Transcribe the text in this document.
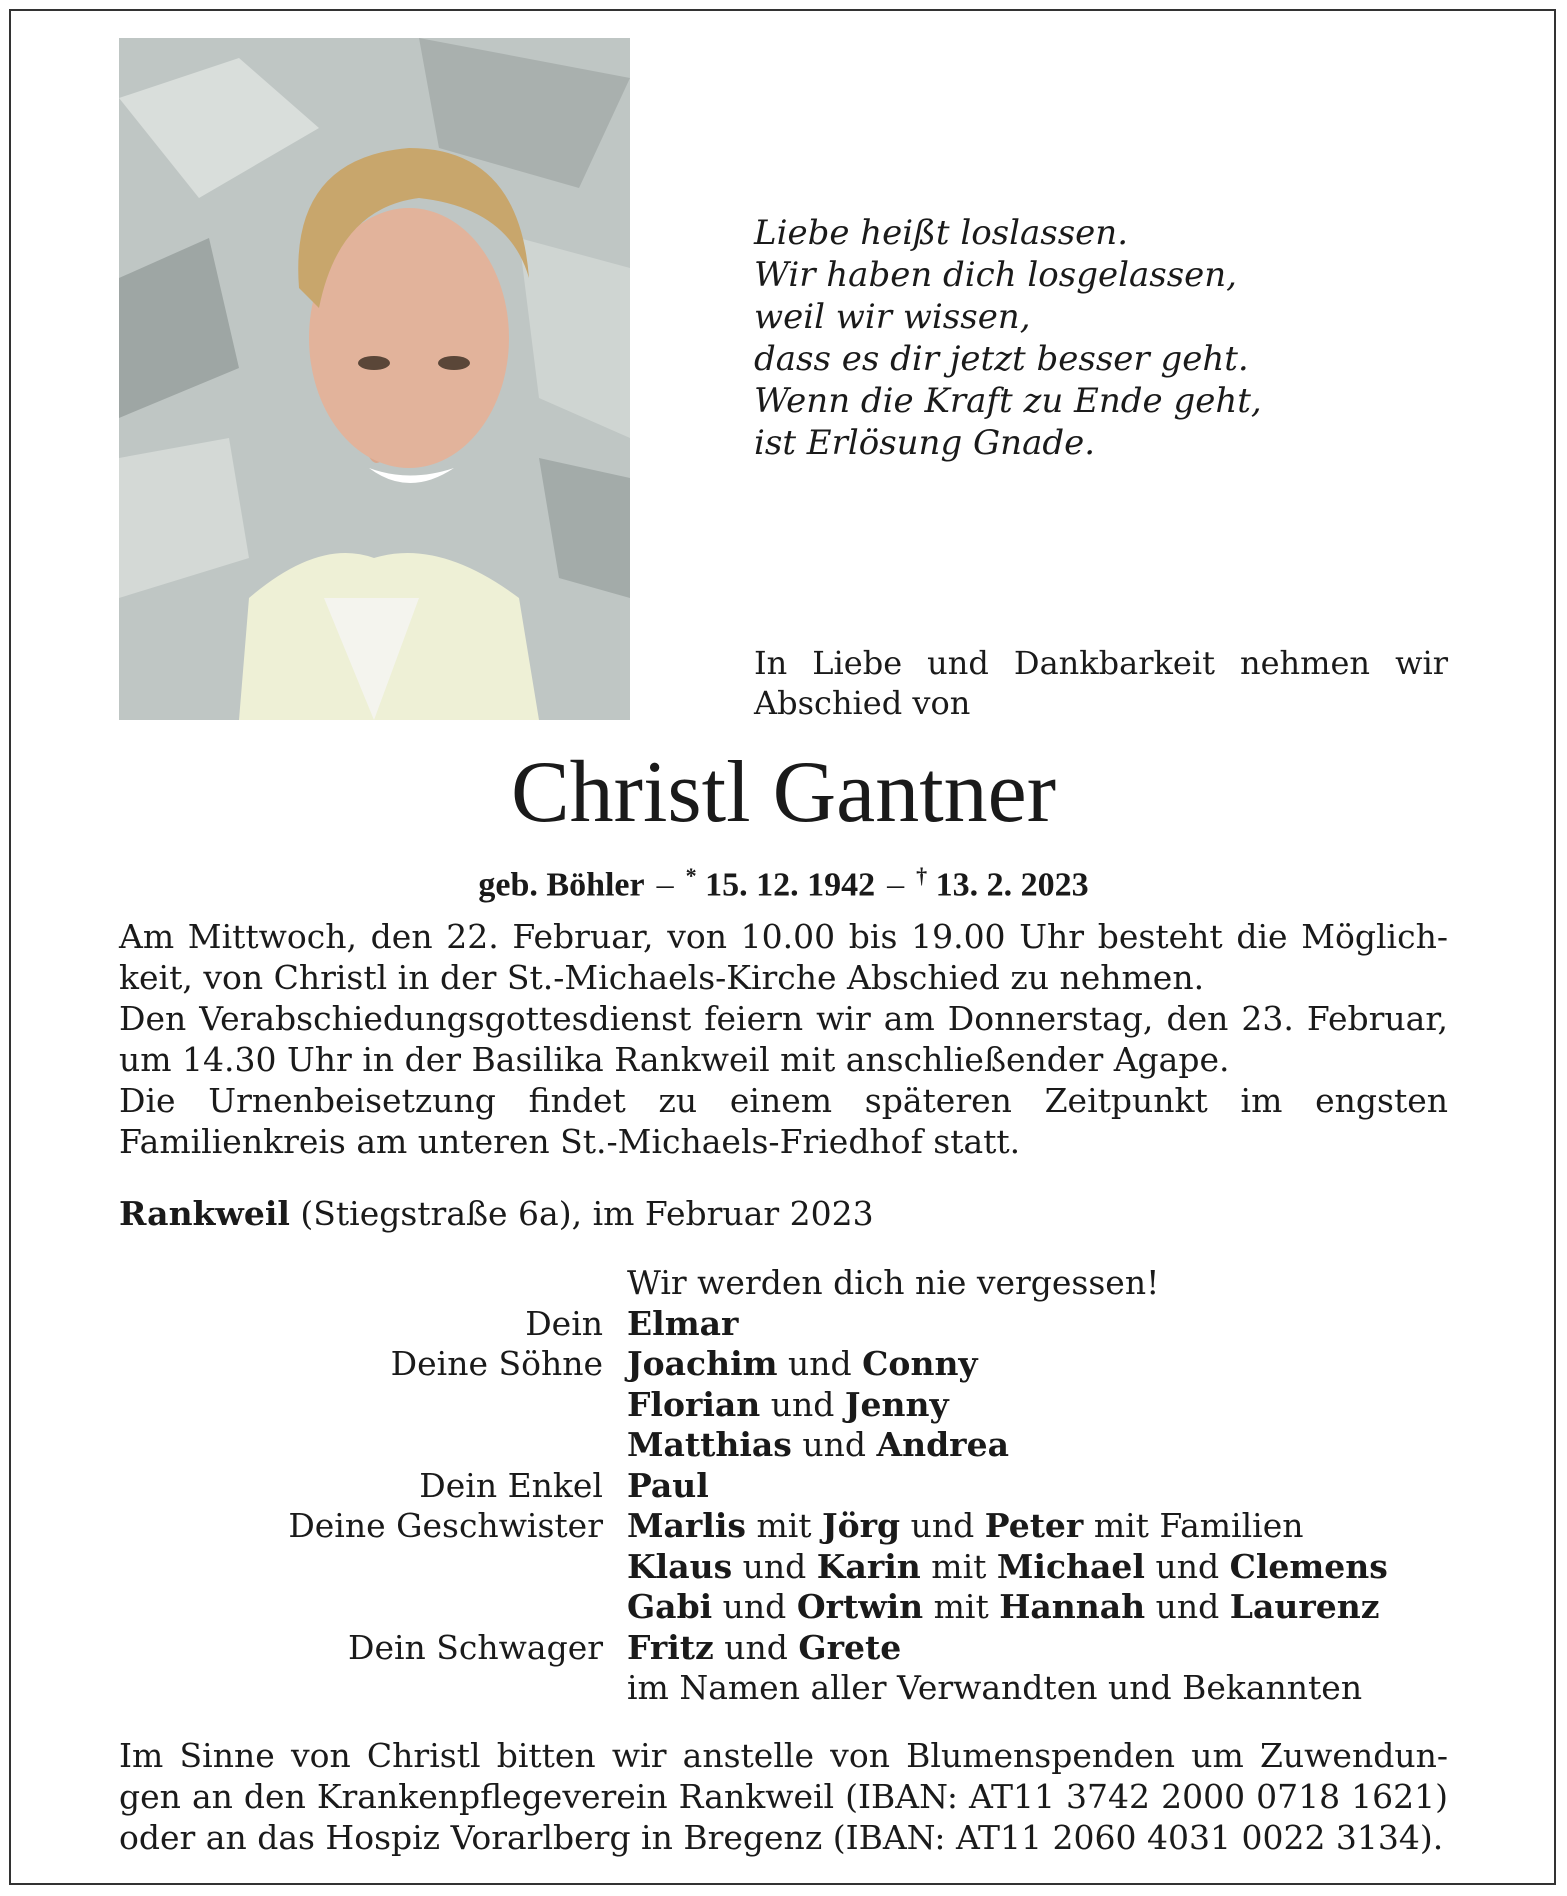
Liebe heißt loslassen.
Wir haben dich losgelassen,
weil wir wissen,
dass es dir jetzt besser geht.
Wenn die Kraft zu Ende geht,
ist Erlösung Gnade.
In Liebe und Dankbarkeit nehmen wir Abschied von
Christl Gantner
geb. Böhler – * 15. 12. 1942 – † 13. 2. 2023

Am Mittwoch, den 22. Februar, von 10.00 bis 19.00 Uhr besteht die Möglich-

keit, von Christl in der St.-Michaels-Kirche Abschied zu nehmen.

Den Verabschiedungsgottesdienst feiern wir am Donnerstag, den 23. Februar,

um 14.30 Uhr in der Basilika Rankweil mit anschließender Agape.

Die Urnenbeisetzung findet zu einem späteren Zeitpunkt im engsten

Familienkreis am unteren St.-Michaels-Friedhof statt.

Rankweil (Stiegstraße 6a), im Februar 2023
Wir werden dich nie vergessen!
Dein Elmar
Deine Söhne Joachim und Conny
Florian und Jenny
Matthias und Andrea
Dein Enkel Paul
Deine Geschwister Marlis mit Jörg und Peter mit Familien
Klaus und Karin mit Michael und Clemens
Gabi und Ortwin mit Hannah und Laurenz
Dein Schwager Fritz und Grete
im Namen aller Verwandten und Bekannten
Im Sinne von Christl bitten wir anstelle von Blumenspenden um Zuwendun-
gen an den Krankenpflegeverein Rankweil (IBAN: AT11 3742 2000 0718 1621)
oder an das Hospiz Vorarlberg in Bregenz (IBAN: AT11 2060 4031 0022 3134).
